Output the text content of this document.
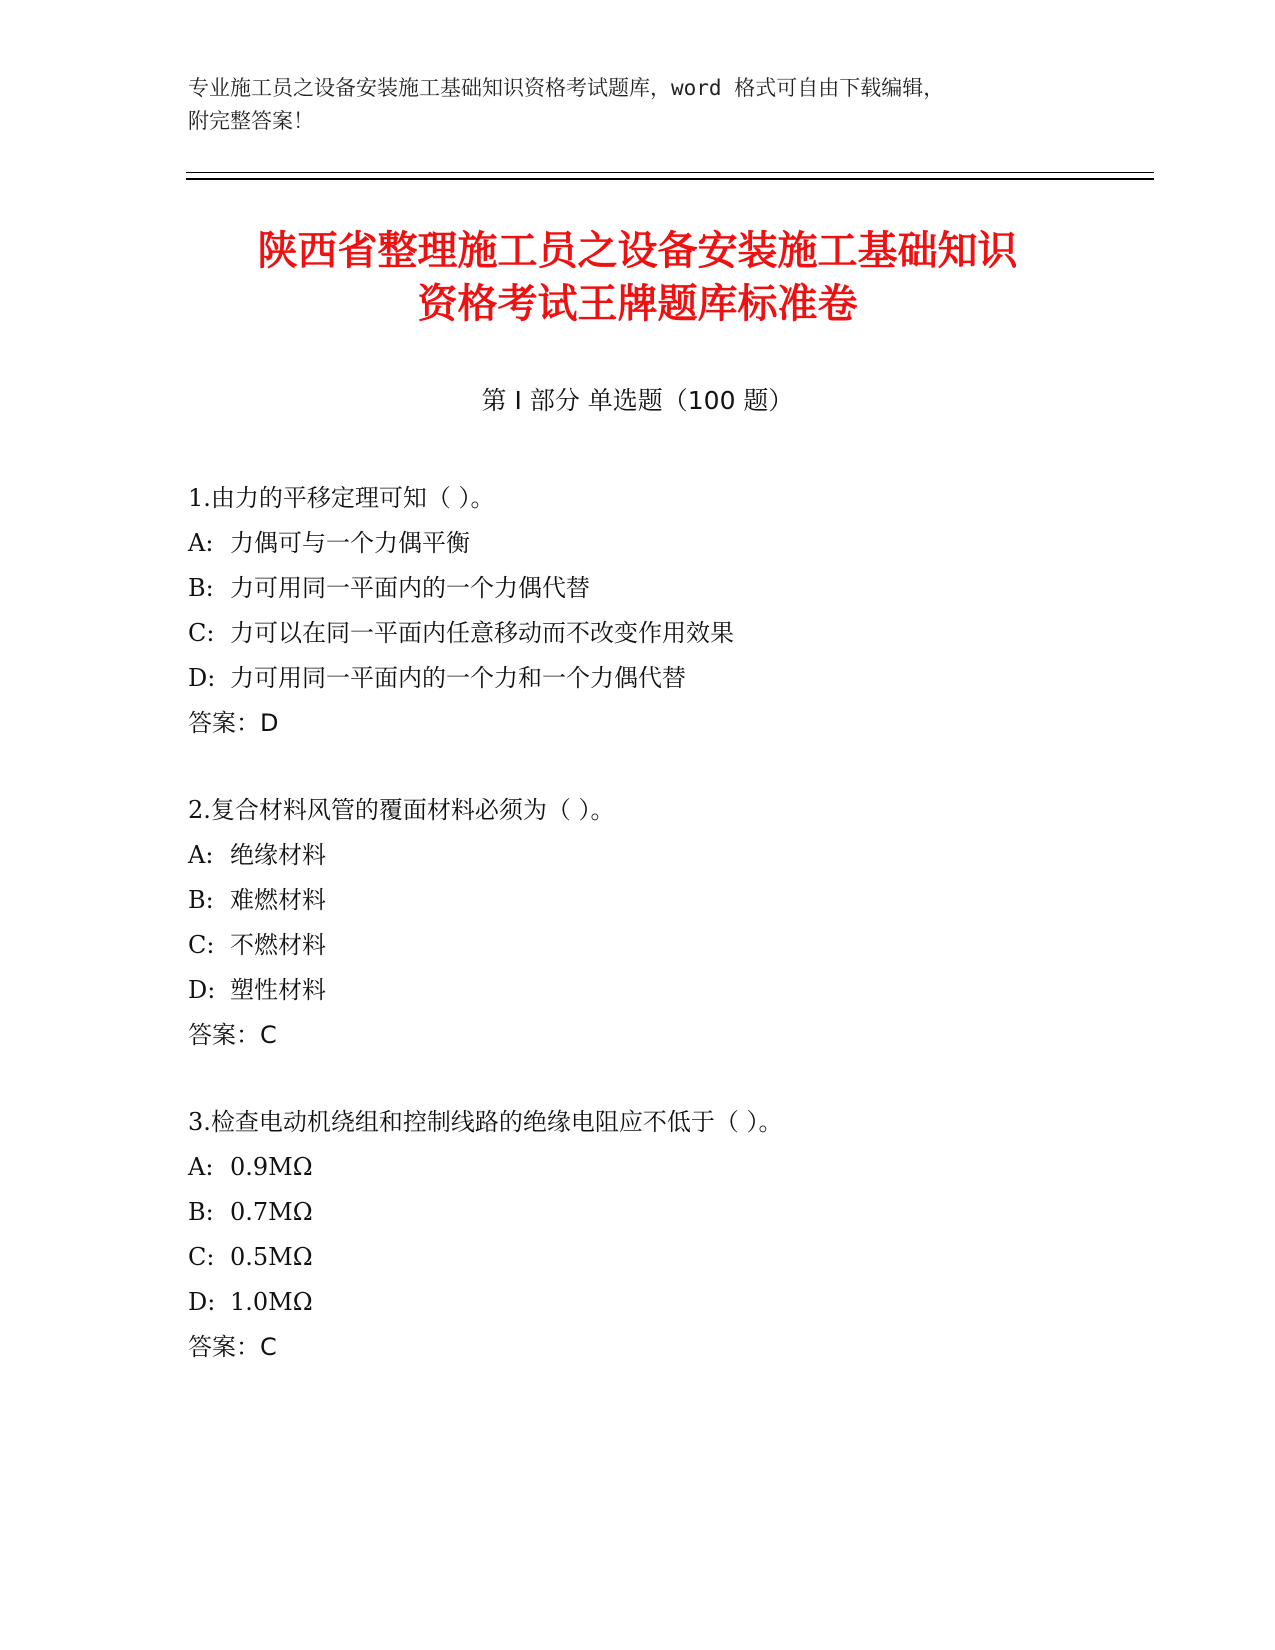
专业施工员之设备安装施工基础知识资格考试题库，word 格式可自由下载编辑，
附完整答案！
陕西省整理施工员之设备安装施工基础知识
资格考试王牌题库标准卷
第 I 部分 单选题（100 题）
1.由力的平移定理可知（ ）。
A: 力偶可与一个力偶平衡
B: 力可用同一平面内的一个力偶代替
C: 力可以在同一平面内任意移动而不改变作用效果
D: 力可用同一平面内的一个力和一个力偶代替
答案：D
2.复合材料风管的覆面材料必须为（ ）。
A: 绝缘材料
B: 难燃材料
C: 不燃材料
D: 塑性材料
答案：C
3.检查电动机绕组和控制线路的绝缘电阻应不低于（ ）。
A: 0.9MΩ
B: 0.7MΩ
C: 0.5MΩ
D: 1.0MΩ
答案：C
